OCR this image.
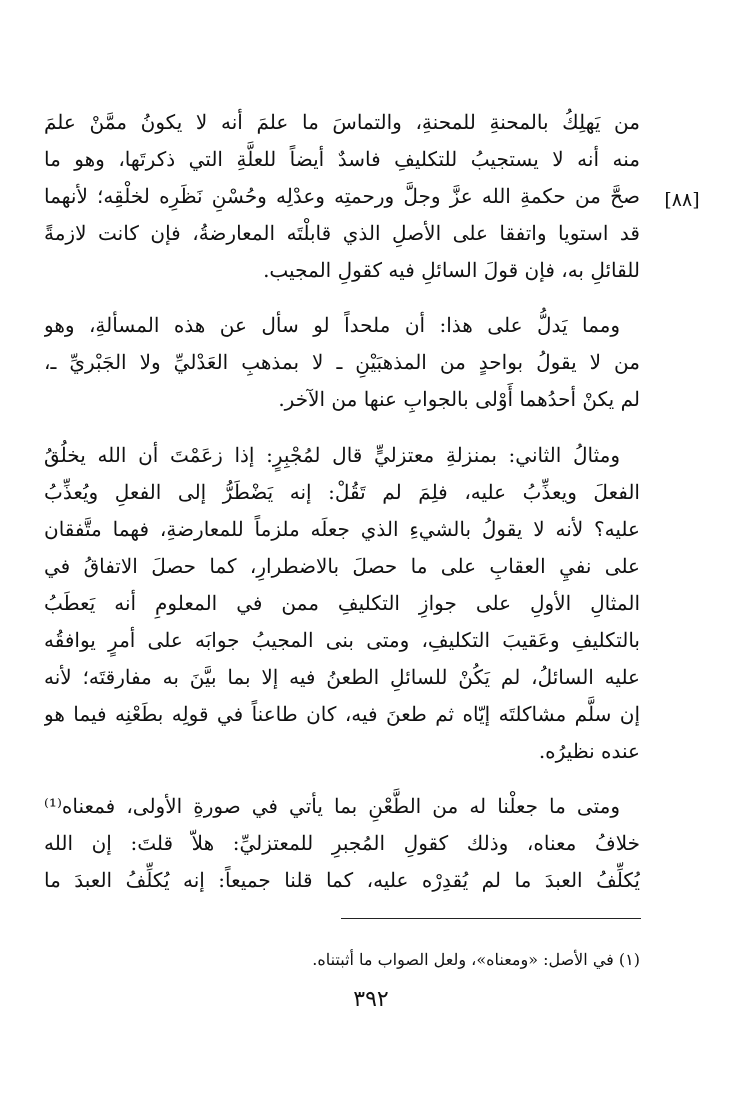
[٨٨]
من يَهلِكُ بالمحنةِ للمحنةِ، والتماسَ ما علمَ أنه لا يكونُ ممَّنْ علمَ
منه أنه لا يستجيبُ للتكليفِ فاسدٌ أيضاً للعلَّةِ التي ذكرتَها، وهو ما
صحَّ من حكمةِ الله عزَّ وجلَّ ورحمتِه وعدْلِه وحُسْنِ نَظَرِه لخلْقِه؛ لأنهما
قد استويا واتفقا على الأصلِ الذي قابلْتَه المعارضةُ، فإن كانت لازمةً
للقائلِ به، فإن قولَ السائلِ فيه كقولِ المجيب.
ومما يَدلُّ على هذا: أن ملحداً لو سأل عن هذه المسألةِ، وهو
من لا يقولُ بواحدٍ من المذهبَيْنِ ـ لا بمذهبِ العَدْليِّ ولا الجَبْريِّ ـ،
لم يكنْ أحدُهما أَوْلى بالجوابِ عنها من الآخر.
ومثالُ الثاني: بمنزلةِ معتزليٍّ قال لمُجْبِرٍ: إذا زعَمْتَ أن الله يخلُقُ
الفعلَ ويعذِّبُ عليه، فلِمَ لم تَقُلْ: إنه يَضْطَرُّ إلى الفعلِ ويُعذِّبُ
عليه؟ لأنه لا يقولُ بالشيءِ الذي جعلَه ملزماً للمعارضةِ، فهما متَّفقان
على نفيِ العقابِ على ما حصلَ بالاضطرارِ، كما حصلَ الاتفاقُ في
المثالِ الأولِ على جوازِ التكليفِ ممن في المعلومِ أنه يَعطَبُ
بالتكليفِ وعَقيبَ التكليفِ، ومتى بنى المجيبُ جوابَه على أمرٍ يوافقُه
عليه السائلُ، لم يَكُنْ للسائلِ الطعنُ فيه إلا بما بيَّنَ به مفارقتَه؛ لأنه
إن سلَّم مشاكلتَه إيّاه ثم طعنَ فيه، كان طاعناً في قولِه بطَعْنِه فيما هو
عنده نظيرُه.
ومتى ما جعلْنا له من الطَّعْنِ بما يأتي في صورةِ الأولى، فمعناه⁽¹⁾
خلافُ معناه، وذلك كقولِ المُجبرِ للمعتزليِّ: هلاّ قلتَ: إن الله
يُكلِّفُ العبدَ ما لم يُقدِرْه عليه، كما قلنا جميعاً: إنه يُكلِّفُ العبدَ ما
(١) في الأصل: «ومعناه»، ولعل الصواب ما أثبتناه.
٣٩٢
